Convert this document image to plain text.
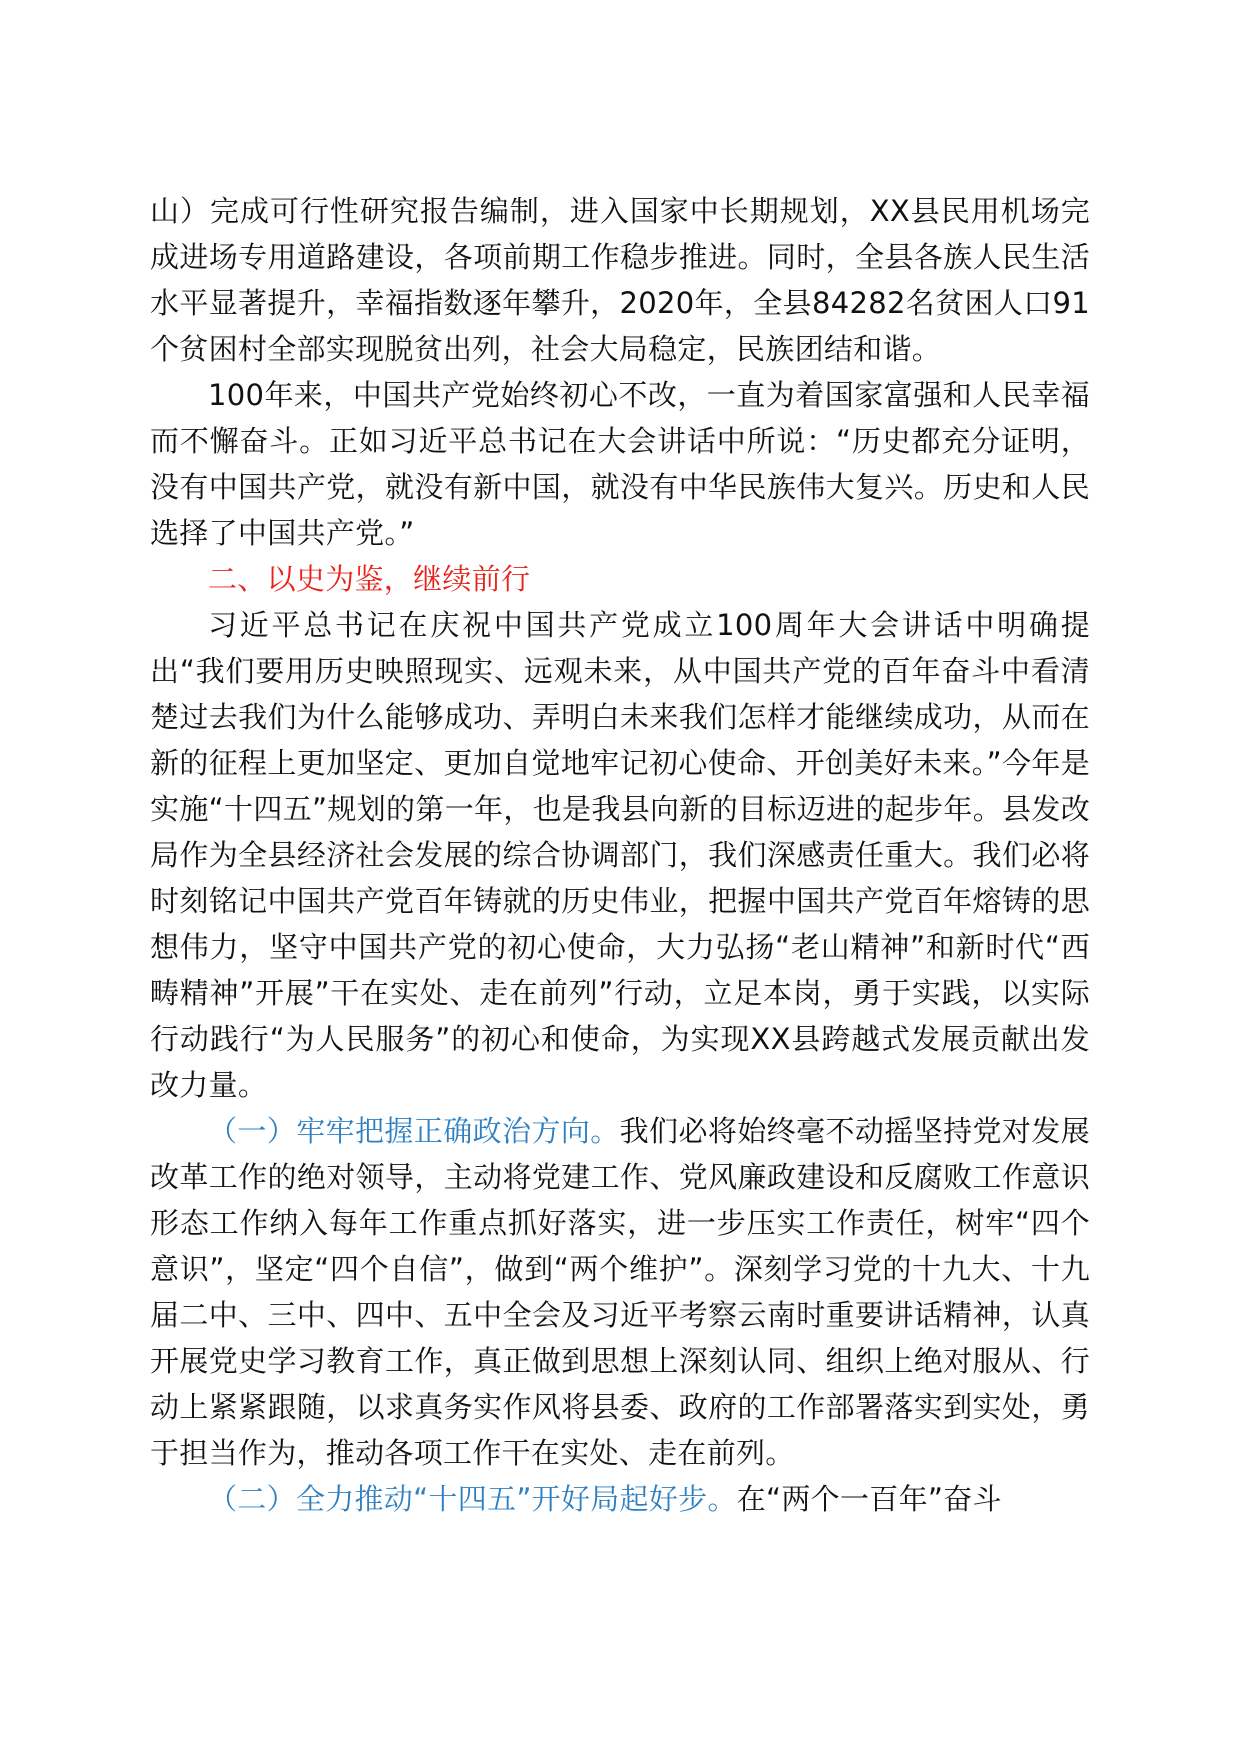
山）完成可行性研究报告编制，进入国家中长期规划，XX县民用机场完成进场专用道路建设，各项前期工作稳步推进。同时，全县各族人民生活水平显著提升，幸福指数逐年攀升，2020年，全县84282名贫困人口91个贫困村全部实现脱贫出列，社会大局稳定，民族团结和谐。

100年来，中国共产党始终初心不改，一直为着国家富强和人民幸福而不懈奋斗。正如习近平总书记在大会讲话中所说：“历史都充分证明，没有中国共产党，就没有新中国，就没有中华民族伟大复兴。历史和人民选择了中国共产党。”

二、以史为鉴，继续前行

习近平总书记在庆祝中国共产党成立100周年大会讲话中明确提出“我们要用历史映照现实、远观未来，从中国共产党的百年奋斗中看清楚过去我们为什么能够成功、弄明白未来我们怎样才能继续成功，从而在新的征程上更加坚定、更加自觉地牢记初心使命、开创美好未来。”今年是实施“十四五”规划的第一年，也是我县向新的目标迈进的起步年。县发改局作为全县经济社会发展的综合协调部门，我们深感责任重大。我们必将时刻铭记中国共产党百年铸就的历史伟业，把握中国共产党百年熔铸的思想伟力，坚守中国共产党的初心使命，大力弘扬“老山精神”和新时代“西畴精神”开展”干在实处、走在前列”行动，立足本岗，勇于实践，以实际行动践行“为人民服务”的初心和使命，为实现XX县跨越式发展贡献出发改力量。

（一）牢牢把握正确政治方向。我们必将始终毫不动摇坚持党对发展改革工作的绝对领导，主动将党建工作、党风廉政建设和反腐败工作意识形态工作纳入每年工作重点抓好落实，进一步压实工作责任，树牢“四个意识”，坚定“四个自信”，做到“两个维护”。深刻学习党的十九大、十九届二中、三中、四中、五中全会及习近平考察云南时重要讲话精神，认真开展党史学习教育工作，真正做到思想上深刻认同、组织上绝对服从、行动上紧紧跟随，以求真务实作风将县委、政府的工作部署落实到实处，勇于担当作为，推动各项工作干在实处、走在前列。

（二）全力推动“十四五”开好局起好步。在“两个一百年”奋斗
